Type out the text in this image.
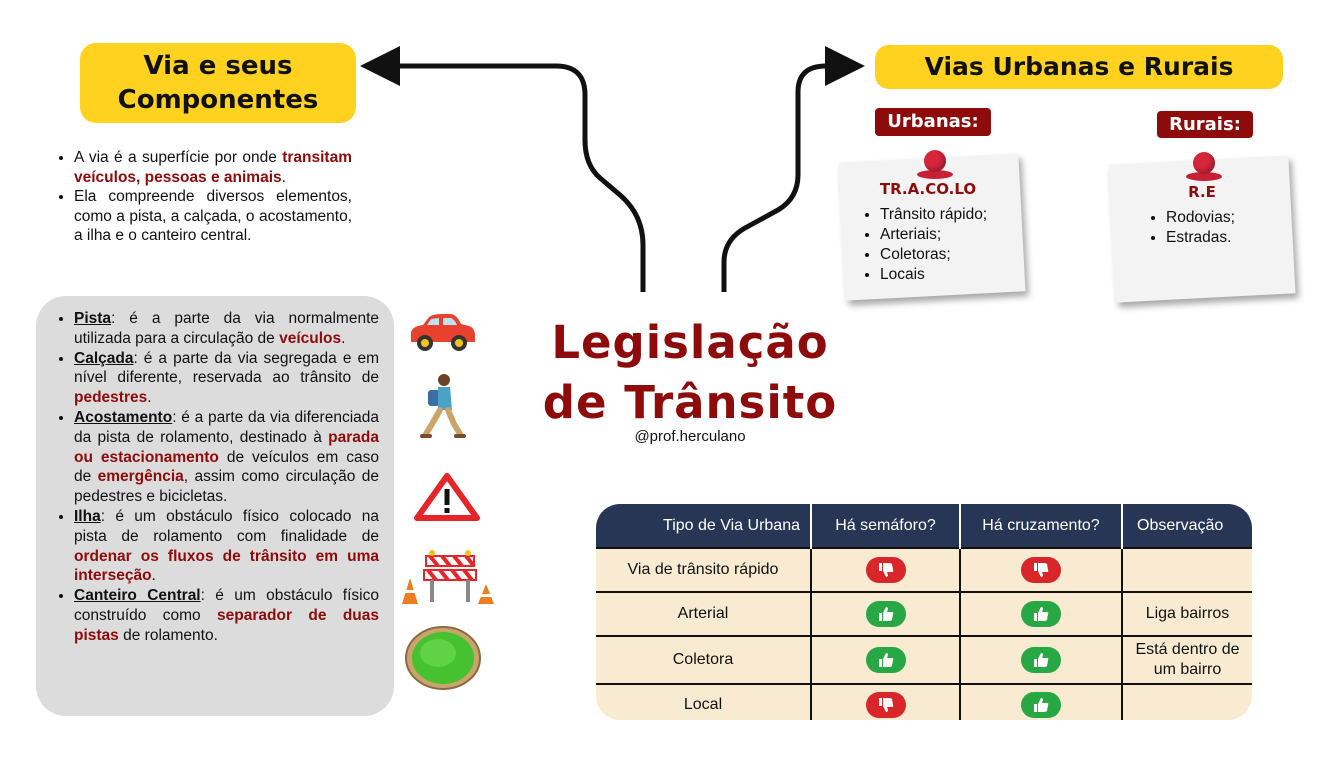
Via e seus
Componentes
• A via é a superfície por onde transitam veículos, pessoas e animais.
• Ela compreende diversos elementos, como a pista, a calçada, o acostamento, a ilha e o canteiro central.
• Pista: é a parte da via normalmente utilizada para a circulação de veículos.
• Calçada: é a parte da via segregada e em nível diferente, reservada ao trânsito de pedestres.
• Acostamento: é a parte da via diferenciada da pista de rolamento, destinado à parada ou estacionamento de veículos em caso de emergência, assim como circulação de pedestres e bicicletas.
• Ilha: é um obstáculo físico colocado na pista de rolamento com finalidade de ordenar os fluxos de trânsito em uma interseção.
• Canteiro Central: é um obstáculo físico construído como separador de duas pistas de rolamento.
Legislação
de Trânsito
@prof.herculano
Vias Urbanas e Rurais
Urbanas:
TR.A.CO.LO
• Trânsito rápido;
• Arteriais;
• Coletoras;
• Locais
Rurais:
R.E
• Rodovias;
• Estradas.
Tipo de Via Urbana	Há semáforo?	Há cruzamento?	Observação
Via de trânsito rápido	

Arterial			Liga bairros
Coletora			Está dentro de um bairro
Local	
